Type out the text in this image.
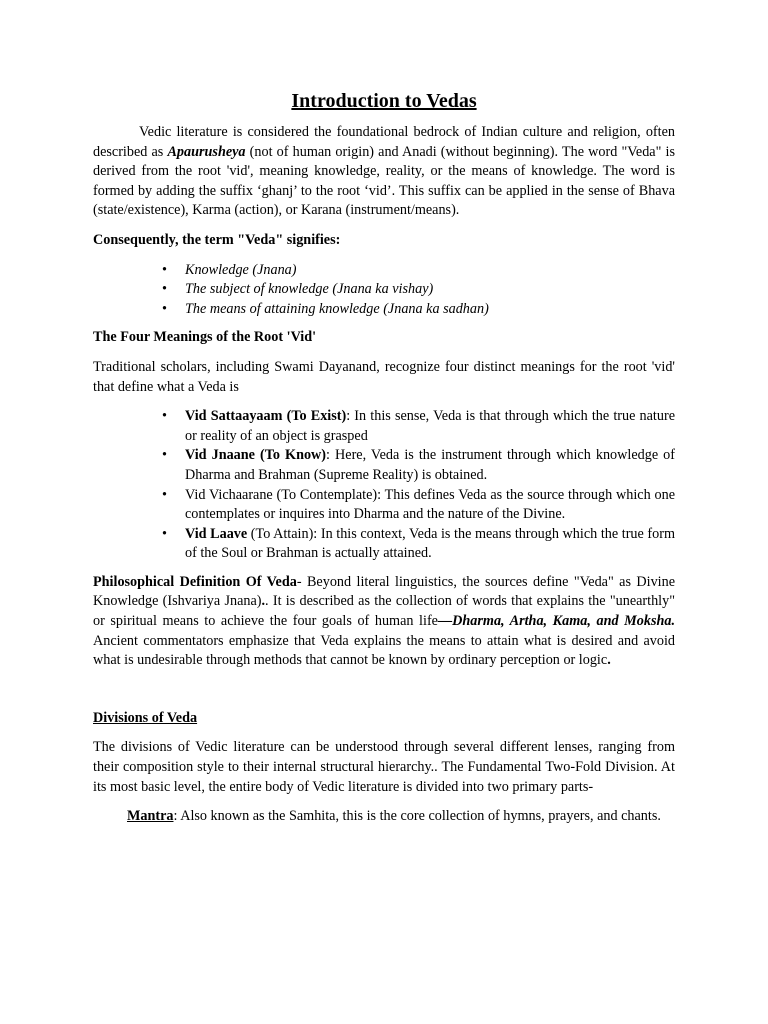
Introduction to Vedas

Vedic literature is considered the foundational bedrock of Indian culture and religion, often described as Apaurusheya (not of human origin) and Anadi (without beginning). The word "Veda" is derived from the root 'vid', meaning knowledge, reality, or the means of knowledge. The word is formed by adding the suffix ‘ghanj’ to the root ‘vid’. This suffix can be applied in the sense of Bhava (state/existence), Karma (action), or Karana (instrument/means).

Consequently, the term "Veda" signifies:

• Knowledge (Jnana)
• The subject of knowledge (Jnana ka vishay)
• The means of attaining knowledge (Jnana ka sadhan)

The Four Meanings of the Root 'Vid'

Traditional scholars, including Swami Dayanand, recognize four distinct meanings for the root 'vid' that define what a Veda is

• Vid Sattaayaam (To Exist): In this sense, Veda is that through which the true nature or reality of an object is grasped
• Vid Jnaane (To Know): Here, Veda is the instrument through which knowledge of Dharma and Brahman (Supreme Reality) is obtained.
• Vid Vichaarane (To Contemplate): This defines Veda as the source through which one contemplates or inquires into Dharma and the nature of the Divine.
• Vid Laave (To Attain): In this context, Veda is the means through which the true form of the Soul or Brahman is actually attained.

Philosophical Definition Of Veda- Beyond literal linguistics, the sources define "Veda" as Divine Knowledge (Ishvariya Jnana).. It is described as the collection of words that explains the "unearthly" or spiritual means to achieve the four goals of human life—Dharma, Artha, Kama, and Moksha. Ancient commentators emphasize that Veda explains the means to attain what is desired and avoid what is undesirable through methods that cannot be known by ordinary perception or logic.

Divisions of Veda

The divisions of Vedic literature can be understood through several different lenses, ranging from their composition style to their internal structural hierarchy.. The Fundamental Two-Fold Division. At its most basic level, the entire body of Vedic literature is divided into two primary parts-

Mantra: Also known as the Samhita, this is the core collection of hymns, prayers, and chants.
